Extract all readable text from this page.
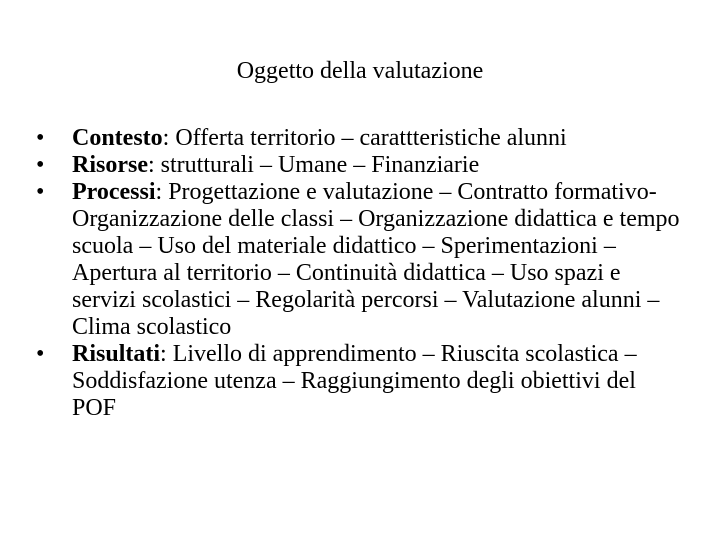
Oggetto della valutazione
• Contesto: Offerta territorio – carattteristiche alunni
• Risorse: strutturali – Umane – Finanziarie
• Processi: Progettazione e valutazione – Contratto formativo- Organizzazione delle classi – Organizzazione didattica e tempo scuola – Uso del materiale didattico – Sperimentazioni – Apertura al territorio – Continuità didattica – Uso spazi e servizi scolastici – Regolarità percorsi – Valutazione alunni – Clima scolastico
• Risultati: Livello di apprendimento – Riuscita scolastica – Soddisfazione utenza – Raggiungimento degli obiettivi del POF
